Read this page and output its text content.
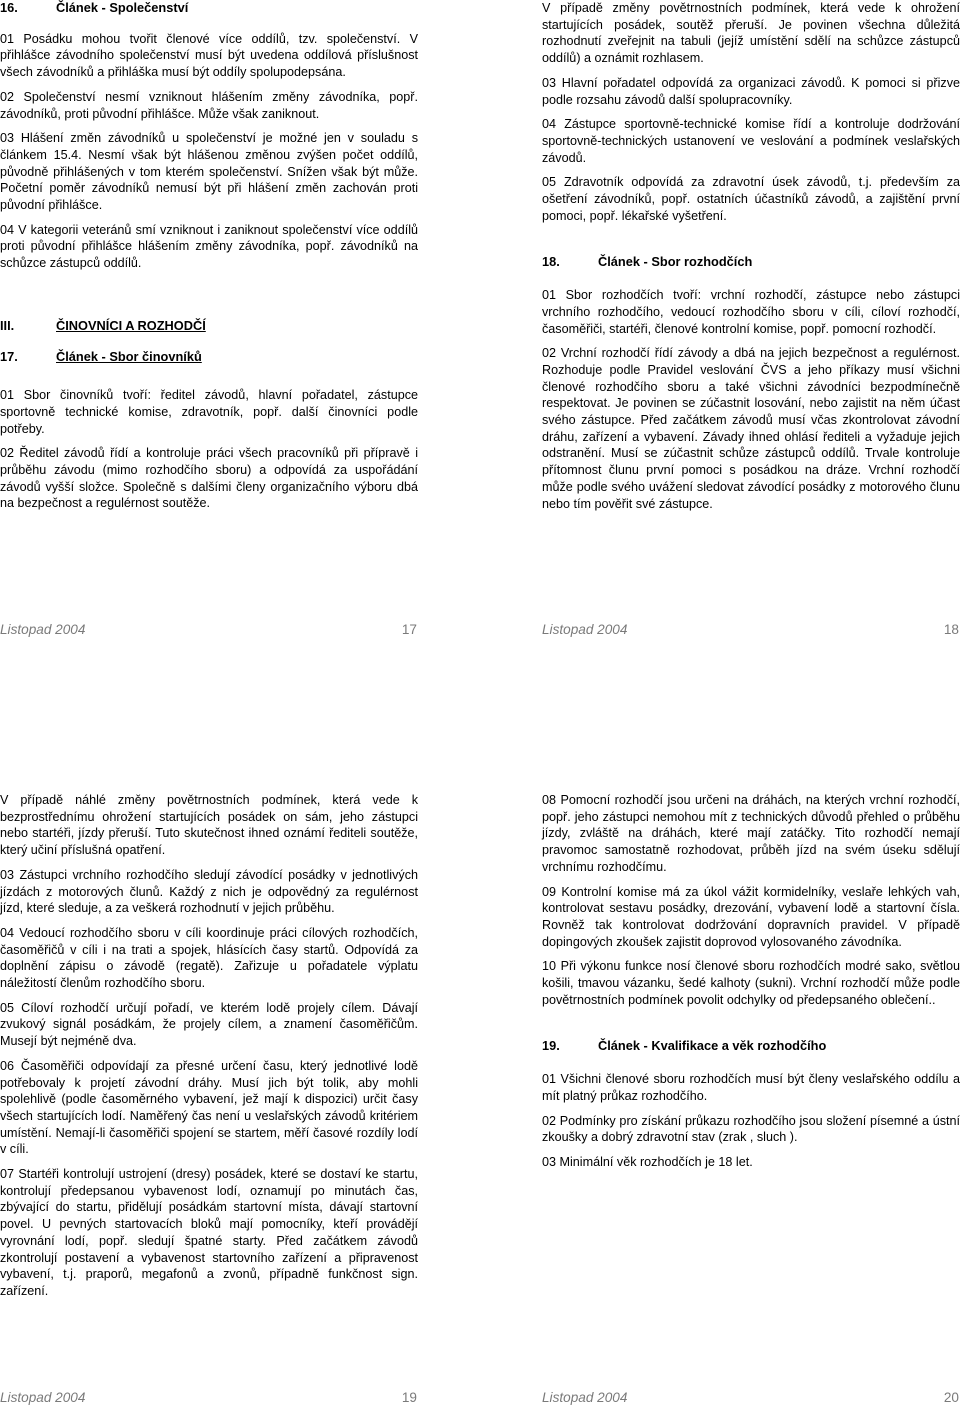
16.	Článek - Společenství

01 Posádku mohou tvořit členové více oddílů, tzv. společenství. V přihlášce závodního společenství musí být uvedena oddílová příslušnost všech závodníků a přihláška musí být oddíly spolupodepsána.

02 Společenství nesmí vzniknout hlášením změny závodníka, popř. závodníků, proti původní přihlášce. Může však zaniknout.

03 Hlášení změn závodníků u společenství je možné jen v souladu s článkem 15.4. Nesmí však být hlášenou změnou zvýšen počet oddílů, původně přihlášených v tom kterém společenství. Snížen však být může. Početní poměr závodníků nemusí být při hlášení změn zachován proti původní přihlášce.

04 V kategorii veteránů smí vzniknout i zaniknout společenství více oddílů proti původní přihlášce hlášením změny závodníka, popř. závodníků na schůzce zástupců oddílů.

III.	ČINOVNÍCI A ROZHODČÍ
17.	Článek - Sbor činovníků

01 Sbor činovníků tvoří: ředitel závodů, hlavní pořadatel, zástupce sportovně technické komise, zdravotník, popř. další činovníci podle potřeby.

02 Ředitel závodů řídí a kontroluje práci všech pracovníků při přípravě i průběhu závodu (mimo rozhodčího sboru) a odpovídá za uspořádání závodů vyšší složce. Společně s dalšími členy organizačního výboru dbá na bezpečnost a regulérnost soutěže.

Listopad 2004	17

V případě změny povětrnostních podmínek, která vede k ohrožení startujících posádek, soutěž přeruší. Je povinen všechna důležitá rozhodnutí zveřejnit na tabuli (jejíž umístění sdělí na schůzce zástupců oddílů) a oznámit rozhlasem.

03 Hlavní pořadatel odpovídá za organizaci závodů. K pomoci si přizve podle rozsahu závodů další spolupracovníky.

04 Zástupce sportovně-technické komise řídí a kontroluje dodržování sportovně-technických ustanovení ve veslování a podmínek veslařských závodů.

05 Zdravotník odpovídá za zdravotní úsek závodů, t.j. především za ošetření závodníků, popř. ostatních účastníků závodů, a zajištění první pomoci, popř. lékařské vyšetření.

18.	Článek - Sbor rozhodčích

01 Sbor rozhodčích tvoří: vrchní rozhodčí, zástupce nebo zástupci vrchního rozhodčího, vedoucí rozhodčího sboru v cíli, cíloví rozhodčí, časoměřiči, startéři, členové kontrolní komise, popř. pomocní rozhodčí.

02 Vrchní rozhodčí řídí závody a dbá na jejich bezpečnost a regulérnost. Rozhoduje podle Pravidel veslování ČVS a jeho příkazy musí všichni členové rozhodčího sboru a také všichni závodníci bezpodmínečně respektovat. Je povinen se zúčastnit losování, nebo zajistit na něm účast svého zástupce. Před začátkem závodů musí včas zkontrolovat závodní dráhu, zařízení a vybavení. Závady ihned ohlásí řediteli a vyžaduje jejich odstranění. Musí se zúčastnit schůze zástupců oddílů. Trvale kontroluje přítomnost člunu první pomoci s posádkou na dráze. Vrchní rozhodčí může podle svého uvážení sledovat závodící posádky z motorového člunu nebo tím pověřit své zástupce.

Listopad 2004	18

V případě náhlé změny povětrnostních podmínek, která vede k bezprostřednímu ohrožení startujících posádek on sám, jeho zástupci nebo startéři, jízdy přeruší. Tuto skutečnost ihned oznámí řediteli soutěže, který učiní příslušná opatření.

03 Zástupci vrchního rozhodčího sledují závodící posádky v jednotlivých jízdách z motorových člunů. Každý z nich je odpovědný za regulérnost jízd, které sleduje, a za veškerá rozhodnutí v jejich průběhu.

04 Vedoucí rozhodčího sboru v cíli koordinuje práci cílových rozhodčích, časoměřičů v cíli i na trati a spojek, hlásících časy startů. Odpovídá za doplnění zápisu o závodě (regatě). Zařizuje u pořadatele výplatu náležitostí členům rozhodčího sboru.

05 Cíloví rozhodčí určují pořadí, ve kterém lodě projely cílem. Dávají zvukový signál posádkám, že projely cílem, a znamení časoměřičům. Musejí být nejméně dva.

06 Časoměřiči odpovídají za přesné určení času, který jednotlivé lodě potřebovaly k projetí závodní dráhy. Musí jich být tolik, aby mohli spolehlivě (podle časoměrného vybavení, jež mají k dispozici) určit časy všech startujících lodí. Naměřený čas není u veslařských závodů kritériem umístění. Nemají-li časoměřiči spojení se startem, měří časové rozdíly lodí v cíli.

07 Startéři kontrolují ustrojení (dresy) posádek, které se dostaví ke startu, kontrolují předepsanou vybavenost lodí, oznamují po minutách čas, zbývající do startu, přidělují posádkám startovní místa, dávají startovní povel. U pevných startovacích bloků mají pomocníky, kteří provádějí vyrovnání lodí, popř. sledují špatné starty. Před začátkem závodů zkontrolují postavení a vybavenost startovního zařízení a připravenost vybavení, t.j. praporů, megafonů a zvonů, případně funkčnost sign. zařízení.

Listopad 2004	19

08 Pomocní rozhodčí jsou určeni na dráhách, na kterých vrchní rozhodčí, popř. jeho zástupci nemohou mít z technických důvodů přehled o průběhu jízdy, zvláště na dráhách, které mají zatáčky. Tito rozhodčí nemají pravomoc samostatně rozhodovat, průběh jízd na svém úseku sdělují vrchnímu rozhodčímu.

09 Kontrolní komise má za úkol vážit kormidelníky, veslaře lehkých vah, kontrolovat sestavu posádky, drezování, vybavení lodě a startovní čísla. Rovněž tak kontrolovat dodržování dopravních pravidel. V případě dopingových zkoušek zajistit doprovod vylosovaného závodníka.

10 Při výkonu funkce nosí členové sboru rozhodčích modré sako, světlou košili, tmavou vázanku, šedé kalhoty (sukni). Vrchní rozhodčí může podle povětrnostních podmínek povolit odchylky od předepsaného oblečení..

19.	Článek - Kvalifikace a věk rozhodčího

01 Všichni členové sboru rozhodčích musí být členy veslařského oddílu a mít platný průkaz rozhodčího.

02 Podmínky pro získání průkazu rozhodčího jsou složení písemné a ústní zkoušky a dobrý zdravotní stav (zrak , sluch ).

03 Minimální věk rozhodčích je 18 let.

Listopad 2004	20
